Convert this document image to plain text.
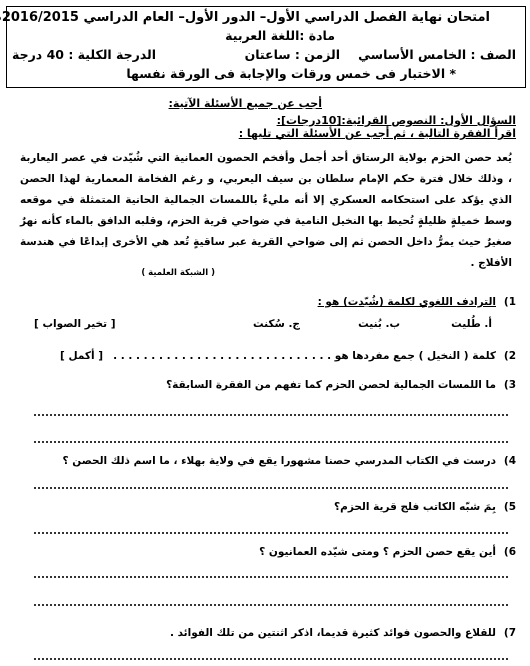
امتحان نهاية الفصل الدراسي الأول– الدور الأول– العام الدراسي 2016/2015
مادة :اللغة العربية
الصف : الخامس الأساسي
الزمن : ساعتان
الدرجة الكلية : 40 درجة
* الاختبار فى خمس ورقات والإجابة فى الورقة نفسها
أجب عن جميع الأسئلة الآتية:
السؤال الأول: النصوص القرائية:[10درجات]:
اقرأ الفقرة التالية ، ثم أجب عن الأسئلة التي تليها :
يُعد حصن الحزم بولاية الرستاق أحد أجمل وأفخم الحصون العمانية التي شُيّدت في عصر اليعاربة ، وذلك خلال فترة حكم الإمام سلطان بن سيف اليعربي، و رغم الفخامة المعمارية لهذا الحصن الذي يؤكد على استحكامه العسكري إلا أنه مليءٌ باللمسات الجمالية الحانية المتمثلة في موقعه وسط خميلةٍ ظليلةٍ تُحيط بها النخيل النامية في ضواحي قرية الحزم، وقلبه الدافق بالماء كأنه نهرٌ صغيرٌ حيث يمرُّ داخل الحصن ثم إلى ضواحي القرية عبر ساقيةٍ تُعد هي الأخرى إبداعًا في هندسة الأفلاج .
( الشبكة العلمية )
1)
الترادف اللغوي لكلمة (شُيّدت) هو :
أ. طُليت
ب. بُنيت
ج. سُكنت
[ تخير الصواب ]
2)
كلمة ( النخيل ) جمع مفردها هو . . . . . . . . . . . . . . . . . . . . . . . . . . . . .
[ أكمل ]
3)
ما اللمسات الجمالية لحصن الحزم كما تفهم من الفقرة السابقة؟
4)
درست في الكتاب المدرسي حصنا مشهورا يقع في ولاية بهلاء ، ما اسم ذلك الحصن ؟
5)
بِمَ شبّه الكاتب فلج قرية الحزم؟
6)
أين يقع حصن الحزم ؟ ومتى شيّده العمانيون ؟
7)
للقلاع والحصون فوائد كثيرة قديما، اذكر اثنتين من تلك الفوائد .
